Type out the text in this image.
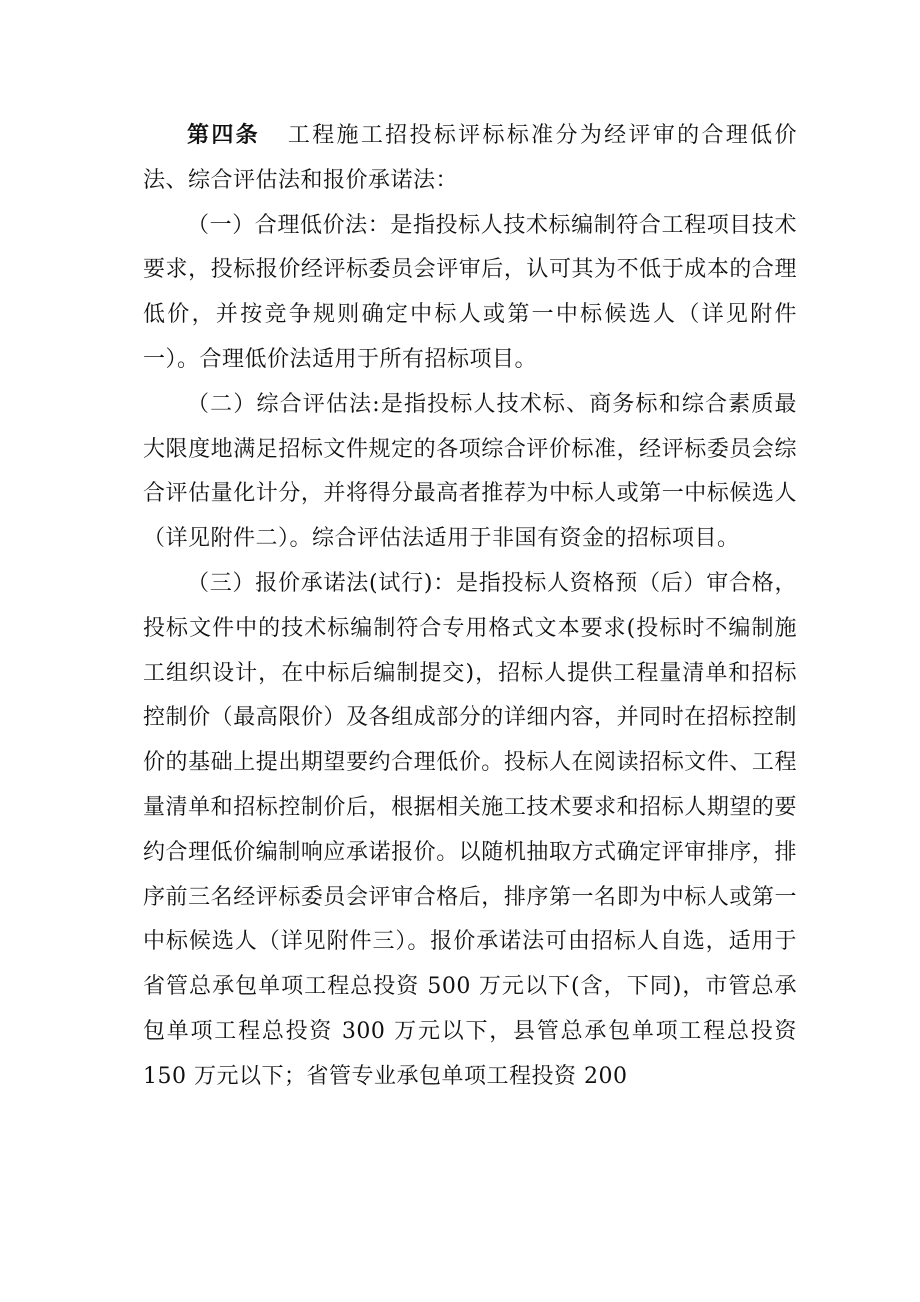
第四条 工程施工招投标评标标准分为经评审的合理低价法、综合评估法和报价承诺法：

（一）合理低价法：是指投标人技术标编制符合工程项目技术要求，投标报价经评标委员会评审后，认可其为不低于成本的合理低价，并按竞争规则确定中标人或第一中标候选人（详见附件一）。合理低价法适用于所有招标项目。

（二）综合评估法:是指投标人技术标、商务标和综合素质最大限度地满足招标文件规定的各项综合评价标准，经评标委员会综合评估量化计分，并将得分最高者推荐为中标人或第一中标候选人（详见附件二）。综合评估法适用于非国有资金的招标项目。

（三）报价承诺法(试行)：是指投标人资格预（后）审合格，投标文件中的技术标编制符合专用格式文本要求(投标时不编制施工组织设计，在中标后编制提交)，招标人提供工程量清单和招标控制价（最高限价）及各组成部分的详细内容，并同时在招标控制价的基础上提出期望要约合理低价。投标人在阅读招标文件、工程量清单和招标控制价后，根据相关施工技术要求和招标人期望的要约合理低价编制响应承诺报价。以随机抽取方式确定评审排序，排序前三名经评标委员会评审合格后，排序第一名即为中标人或第一中标候选人（详见附件三）。报价承诺法可由招标人自选，适用于省管总承包单项工程总投资 500 万元以下(含，下同)，市管总承包单项工程总投资 300 万元以下，县管总承包单项工程总投资 150 万元以下；省管专业承包单项工程投资 200
